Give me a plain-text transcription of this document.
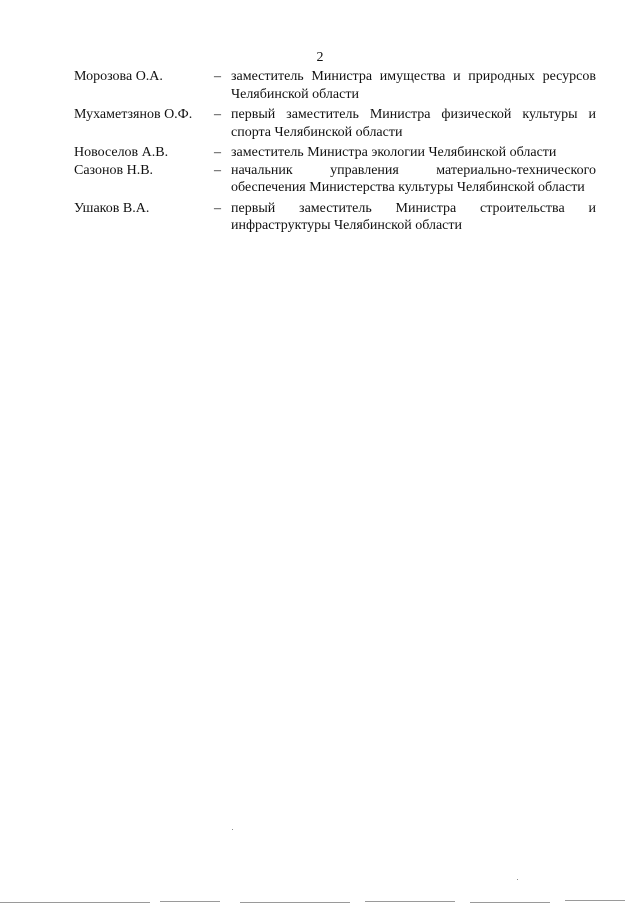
2
Морозова О.А.	– заместитель Министра имущества и природных ресурсов Челябинской области
Мухаметзянов О.Ф.	– первый заместитель Министра физической культуры и спорта Челябинской области
Новоселов А.В.	– заместитель Министра экологии Челябинской области
Сазонов Н.В.	– начальник управления материально-технического обеспечения Министерства культуры Челябинской области
Ушаков В.А.	– первый заместитель Министра строительства и инфраструктуры Челябинской области
